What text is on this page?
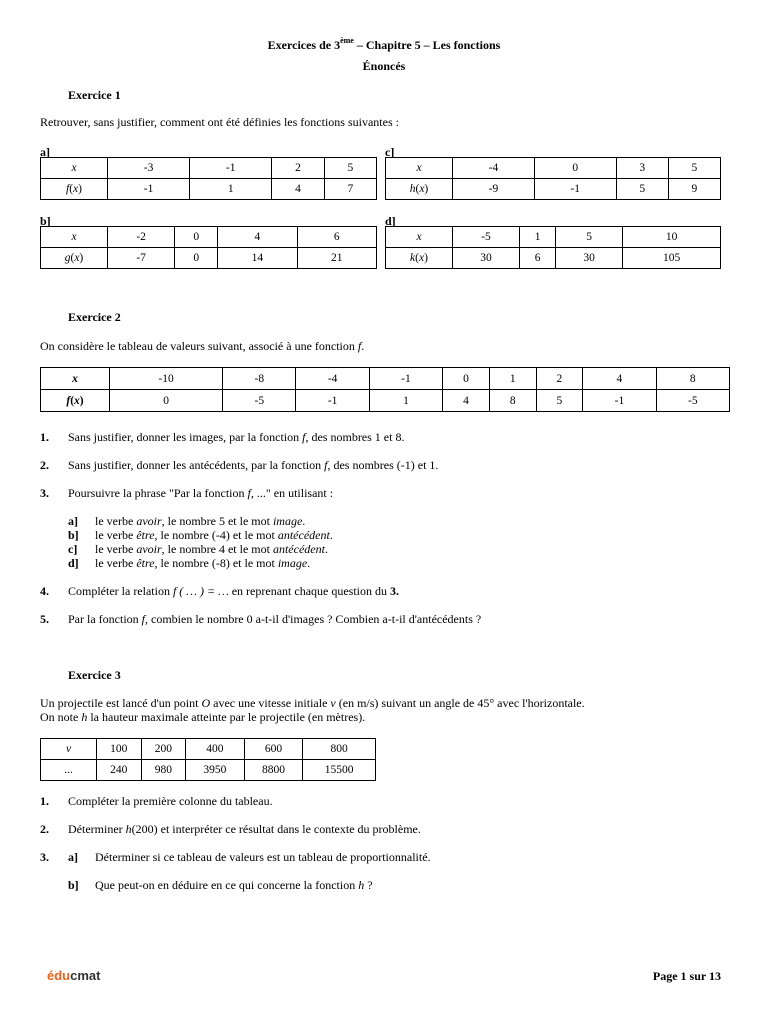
Exercices de 3ème – Chapitre 5 – Les fonctions
Énoncés
Exercice 1
Retrouver, sans justifier, comment ont été définies les fonctions suivantes :
a]
x	-3	-1	2	5
f(x)	-1	1	4	7
c]
x	-4	0	3	5
h(x)	-9	-1	5	9
b]
x	-2	0	4	6
g(x)	-7	0	14	21
d]
x	-5	1	5	10
k(x)	30	6	30	105
Exercice 2
On considère le tableau de valeurs suivant, associé à une fonction f.
x	-10	-8	-4	-1	0	1	2	4	8
f(x)	0	-5	-1	1	4	8	5	-1	-5
1. Sans justifier, donner les images, par la fonction f, des nombres 1 et 8.
2. Sans justifier, donner les antécédents, par la fonction f, des nombres (-1) et 1.
3. Poursuivre la phrase "Par la fonction f, ..." en utilisant :
a] le verbe avoir, le nombre 5 et le mot image.
b] le verbe être, le nombre (-4) et le mot antécédent.
c] le verbe avoir, le nombre 4 et le mot antécédent.
d] le verbe être, le nombre (-8) et le mot image.
4. Compléter la relation f ( … ) = … en reprenant chaque question du 3.
5. Par la fonction f, combien le nombre 0 a-t-il d'images ? Combien a-t-il d'antécédents ?
Exercice 3
Un projectile est lancé d'un point O avec une vitesse initiale v (en m/s) suivant un angle de 45° avec l'horizontale.
On note h la hauteur maximale atteinte par le projectile (en mètres).
v	100	200	400	600	800
...	240	980	3950	8800	15500
1. Compléter la première colonne du tableau.
2. Déterminer h(200) et interpréter ce résultat dans le contexte du problème.
3. a] Déterminer si ce tableau de valeurs est un tableau de proportionnalité.
b] Que peut-on en déduire en ce qui concerne la fonction h ?
éducmat	Page 1 sur 13
